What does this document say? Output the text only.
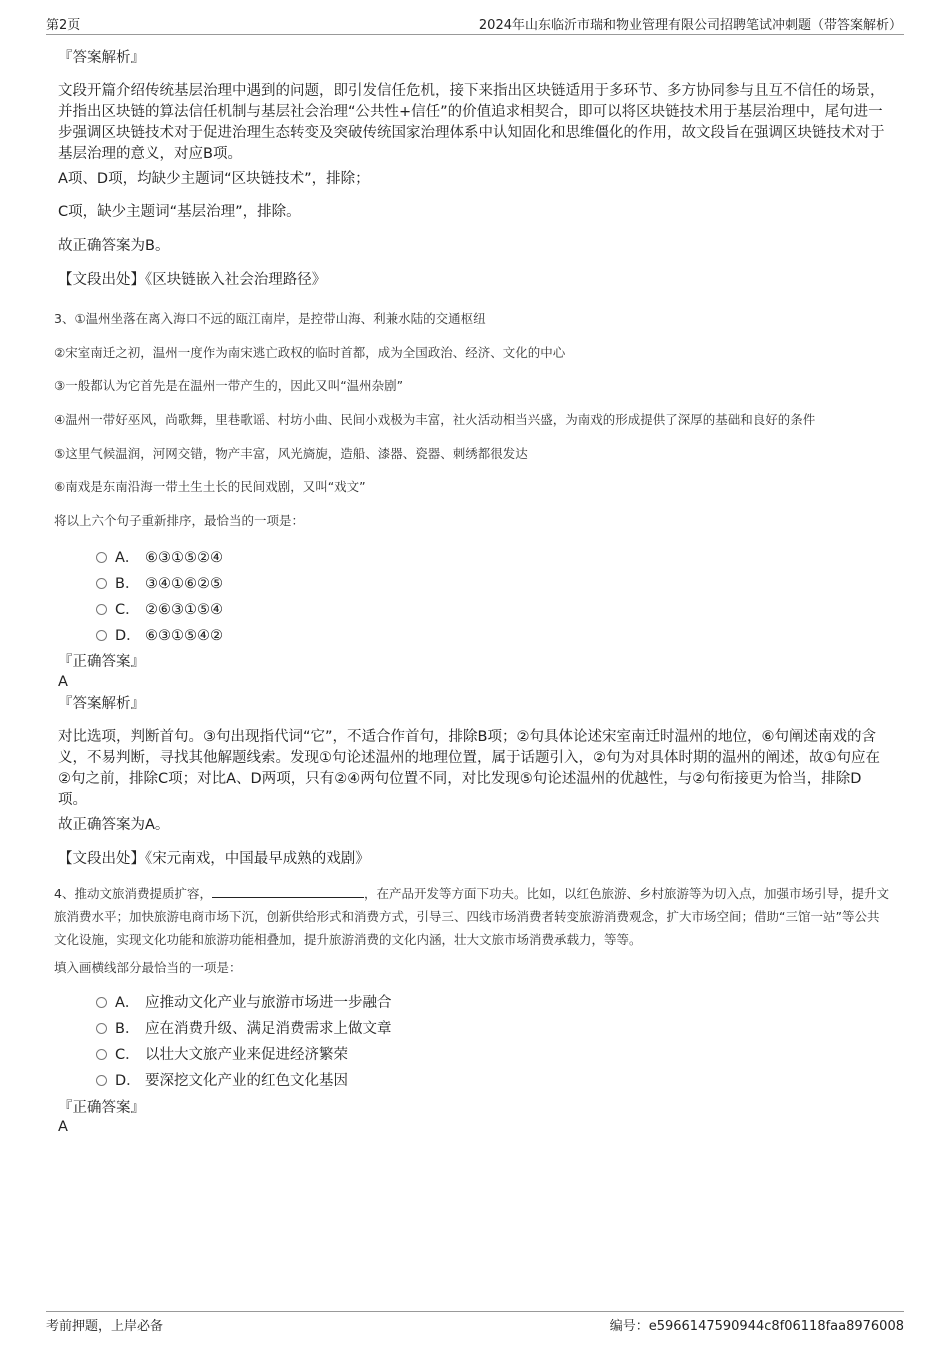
第2页	2024年山东临沂市瑞和物业管理有限公司招聘笔试冲刺题（带答案解析）
『答案解析』
文段开篇介绍传统基层治理中遇到的问题，即引发信任危机，接下来指出区块链适用于多环节、多方协同参与且互不信任的场景，并指出区块链的算法信任机制与基层社会治理“公共性+信任”的价值追求相契合，即可以将区块链技术用于基层治理中，尾句进一步强调区块链技术对于促进治理生态转变及突破传统国家治理体系中认知固化和思维僵化的作用，故文段旨在强调区块链技术对于基层治理的意义，对应B项。
A项、D项，均缺少主题词“区块链技术”，排除；
C项，缺少主题词“基层治理”，排除。
故正确答案为B。
【文段出处】《区块链嵌入社会治理路径》
3、①温州坐落在离入海口不远的瓯江南岸，是控带山海、利兼水陆的交通枢纽
②宋室南迁之初，温州一度作为南宋逃亡政权的临时首都，成为全国政治、经济、文化的中心
③一般都认为它首先是在温州一带产生的，因此又叫“温州杂剧”
④温州一带好巫风，尚歌舞，里巷歌谣、村坊小曲、民间小戏极为丰富，社火活动相当兴盛，为南戏的形成提供了深厚的基础和良好的条件
⑤这里气候温润，河网交错，物产丰富，风光旖旎，造船、漆器、瓷器、刺绣都很发达
⑥南戏是东南沿海一带土生土长的民间戏剧，又叫“戏文”
将以上六个句子重新排序，最恰当的一项是：
A． ⑥③①⑤②④
B． ③④①⑥②⑤
C． ②⑥③①⑤④
D． ⑥③①⑤④②
『正确答案』
A
『答案解析』
对比选项，判断首句。③句出现指代词“它”，不适合作首句，排除B项；②句具体论述宋室南迁时温州的地位，⑥句阐述南戏的含义，不易判断，寻找其他解题线索。发现①句论述温州的地理位置，属于话题引入，②句为对具体时期的温州的阐述，故①句应在②句之前，排除C项；对比A、D两项，只有②④两句位置不同，对比发现⑤句论述温州的优越性，与②句衔接更为恰当，排除D项。
故正确答案为A。
【文段出处】《宋元南戏，中国最早成熟的戏剧》
4、推动文旅消费提质扩容，	，在产品开发等方面下功夫。比如，以红色旅游、乡村旅游等为切入点，加强市场引导，提升文旅消费水平；加快旅游电商市场下沉，创新供给形式和消费方式，引导三、四线市场消费者转变旅游消费观念，扩大市场空间；借助“三馆一站”等公共文化设施，实现文化功能和旅游功能相叠加，提升旅游消费的文化内涵，壮大文旅市场消费承载力，等等。
填入画横线部分最恰当的一项是：
A． 应推动文化产业与旅游市场进一步融合
B． 应在消费升级、满足消费需求上做文章
C． 以壮大文旅产业来促进经济繁荣
D． 要深挖文化产业的红色文化基因
『正确答案』
A
考前押题，上岸必备	编号：e5966147590944c8f06118faa8976008
